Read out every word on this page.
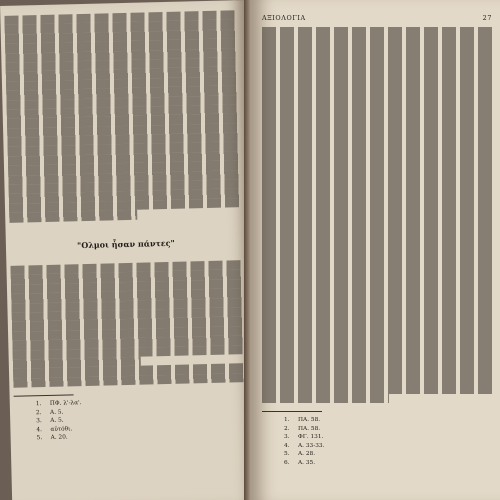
"Ολμοι ἦσαν πάντες"
1. ΠΦ. λ'-λα'.
2. Α. 5.
3. Α. 5.
4. αὐτόθι.
5. Α. 20.
ΑΞΙΟΛΟΓΙΑ	27
1. ΠΑ. 58.
2. ΠΑ. 58.
3. ΦΓ. 131.
4. Α. 33-33.
5. Α. 28.
6. Α. 35.
